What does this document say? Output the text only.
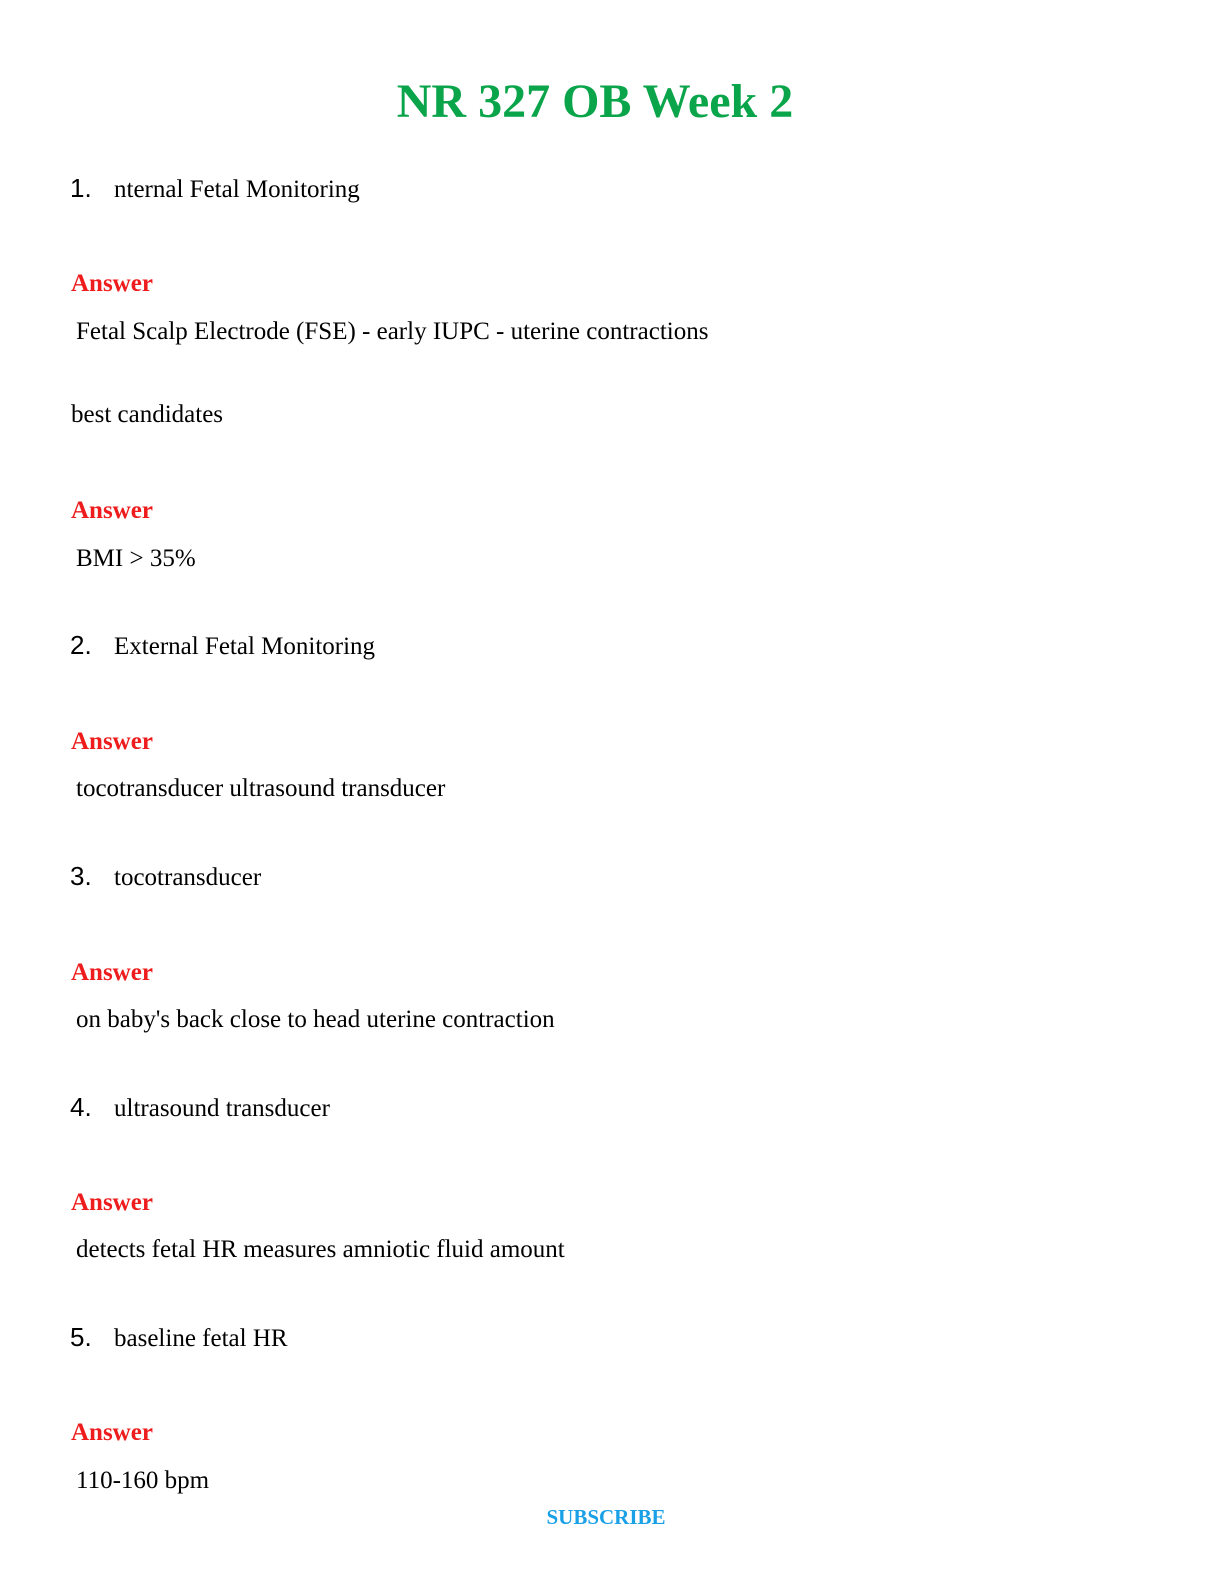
NR 327 OB Week 2
1. nternal Fetal Monitoring
Answer
Fetal Scalp Electrode (FSE) - early IUPC - uterine contractions
best candidates
Answer
BMI > 35%
2. External Fetal Monitoring
Answer
tocotransducer ultrasound transducer
3. tocotransducer
Answer
on baby's back close to head uterine contraction
4. ultrasound transducer
Answer
detects fetal HR measures amniotic fluid amount
5. baseline fetal HR
Answer
110-160 bpm
SUBSCRIBE
